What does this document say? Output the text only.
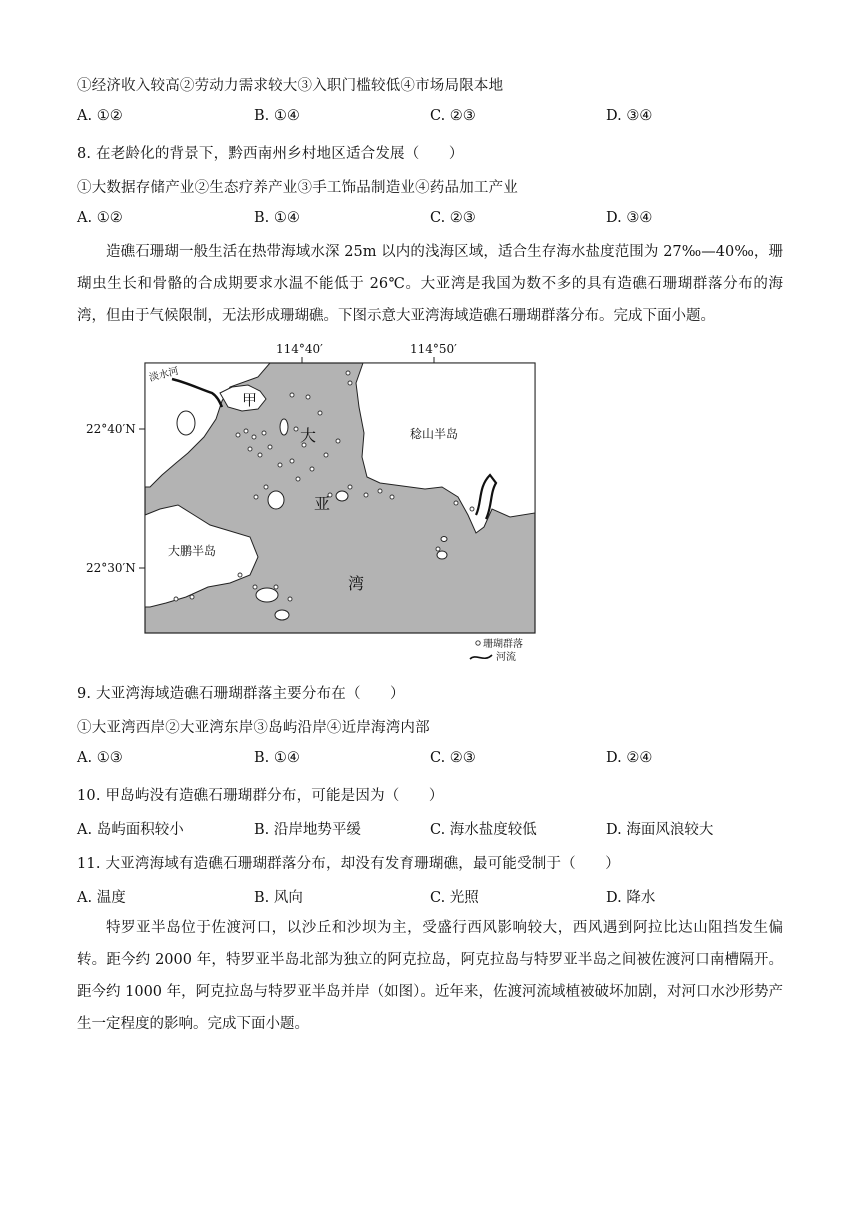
①经济收入较高②劳动力需求较大③入职门槛较低④市场局限本地
A. ①②	B. ①④	C. ②③	D. ③④
8. 在老龄化的背景下，黔西南州乡村地区适合发展（　　）
①大数据存储产业②生态疗养产业③手工饰品制造业④药品加工产业
A. ①②	B. ①④	C. ②③	D. ③④
造礁石珊瑚一般生活在热带海域水深 25m 以内的浅海区域，适合生存海水盐度范围为 27‰—40‰，珊瑚虫生长和骨骼的合成期要求水温不能低于 26℃。大亚湾是我国为数不多的具有造礁石珊瑚群落分布的海湾，但由于气候限制，无法形成珊瑚礁。下图示意大亚湾海域造礁石珊瑚群落分布。完成下面小题。
114°40′	114°50′
22°40′N
22°30′N
淡水河
甲
大
亚
湾
稔山半岛
大鹏半岛
珊瑚群落
河流
9. 大亚湾海域造礁石珊瑚群落主要分布在（　　）
①大亚湾西岸②大亚湾东岸③岛屿沿岸④近岸海湾内部
A. ①③	B. ①④	C. ②③	D. ②④
10. 甲岛屿没有造礁石珊瑚群分布，可能是因为（　　）
A. 岛屿面积较小	B. 沿岸地势平缓	C. 海水盐度较低	D. 海面风浪较大
11. 大亚湾海域有造礁石珊瑚群落分布，却没有发育珊瑚礁，最可能受制于（　　）
A. 温度	B. 风向	C. 光照	D. 降水
特罗亚半岛位于佐渡河口，以沙丘和沙坝为主，受盛行西风影响较大，西风遇到阿拉比达山阻挡发生偏转。距今约 2000 年，特罗亚半岛北部为独立的阿克拉岛，阿克拉岛与特罗亚半岛之间被佐渡河口南槽隔开。距今约 1000 年，阿克拉岛与特罗亚半岛并岸（如图）。近年来，佐渡河流域植被破坏加剧，对河口水沙形势产生一定程度的影响。完成下面小题。
